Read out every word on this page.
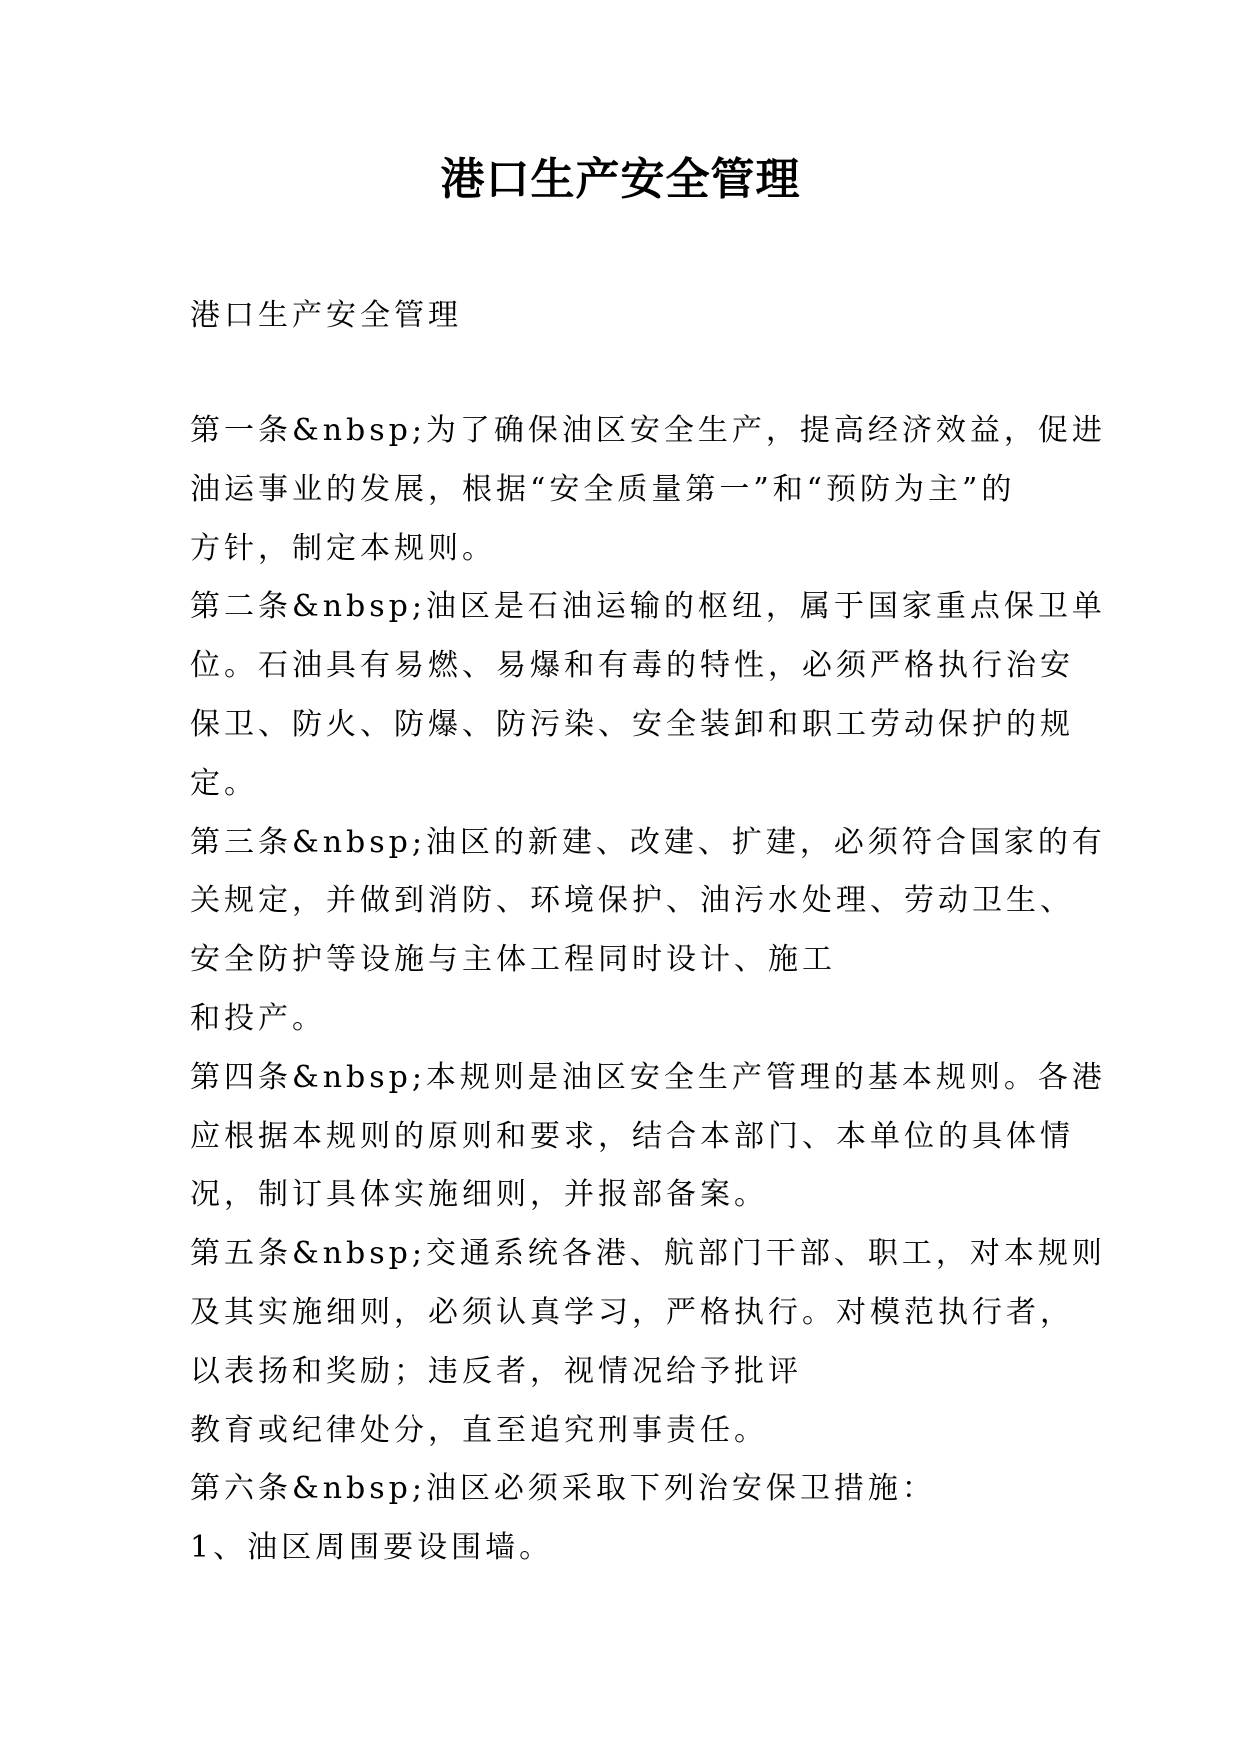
港口生产安全管理
港口生产安全管理
第一条&nbsp;为了确保油区安全生产，提高经济效益，促进
油运事业的发展，根据“安全质量第一”和“预防为主”的
方针，制定本规则。
第二条&nbsp;油区是石油运输的枢纽，属于国家重点保卫单
位。石油具有易燃、易爆和有毒的特性，必须严格执行治安
保卫、防火、防爆、防污染、安全装卸和职工劳动保护的规
定。
第三条&nbsp;油区的新建、改建、扩建，必须符合国家的有
关规定，并做到消防、环境保护、油污水处理、劳动卫生、
安全防护等设施与主体工程同时设计、施工
和投产。
第四条&nbsp;本规则是油区安全生产管理的基本规则。各港
应根据本规则的原则和要求，结合本部门、本单位的具体情
况，制订具体实施细则，并报部备案。
第五条&nbsp;交通系统各港、航部门干部、职工，对本规则
及其实施细则，必须认真学习，严格执行。对模范执行者，
以表扬和奖励；违反者，视情况给予批评
教育或纪律处分，直至追究刑事责任。
第六条&nbsp;油区必须采取下列治安保卫措施：
1、油区周围要设围墙。
